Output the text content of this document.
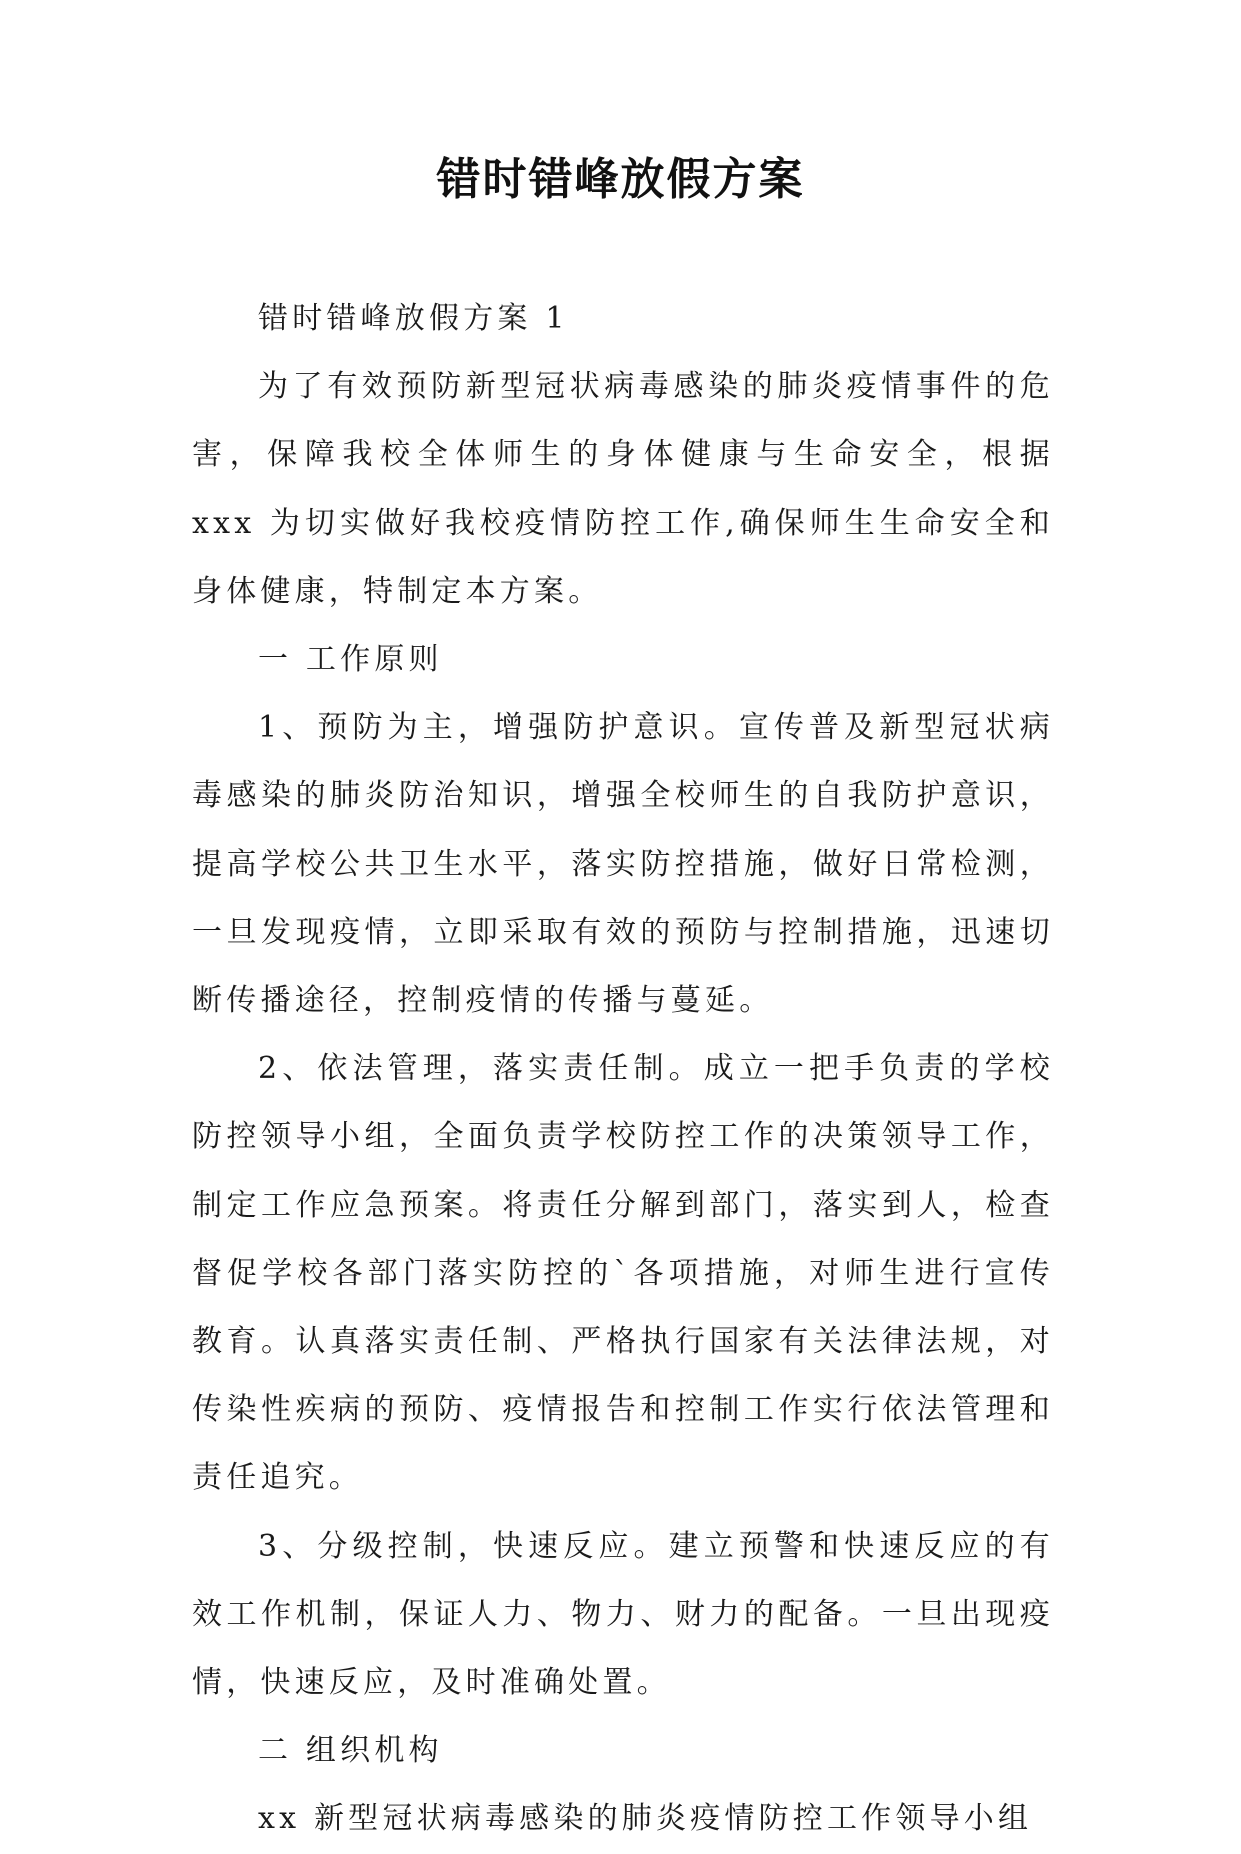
错时错峰放假方案

错时错峰放假方案 1

为了有效预防新型冠状病毒感染的肺炎疫情事件的危害，保障我校全体师生的身体健康与生命安全，根据 xxx 为切实做好我校疫情防控工作,确保师生生命安全和身体健康，特制定本方案。

一 工作原则

1、预防为主，增强防护意识。宣传普及新型冠状病毒感染的肺炎防治知识，增强全校师生的自我防护意识，提高学校公共卫生水平，落实防控措施，做好日常检测，一旦发现疫情，立即采取有效的预防与控制措施，迅速切断传播途径，控制疫情的传播与蔓延。

2、依法管理，落实责任制。成立一把手负责的学校防控领导小组，全面负责学校防控工作的决策领导工作，制定工作应急预案。将责任分解到部门，落实到人，检查督促学校各部门落实防控的`各项措施，对师生进行宣传教育。认真落实责任制、严格执行国家有关法律法规，对传染性疾病的预防、疫情报告和控制工作实行依法管理和责任追究。

3、分级控制，快速反应。建立预警和快速反应的有效工作机制，保证人力、物力、财力的配备。一旦出现疫情，快速反应，及时准确处置。

二 组织机构

xx 新型冠状病毒感染的肺炎疫情防控工作领导小组
